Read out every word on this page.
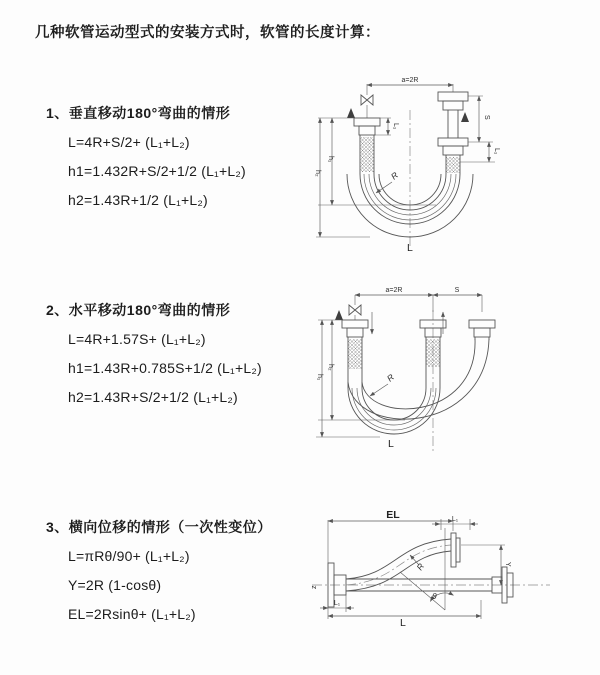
几种软管运动型式的安装方式时，软管的长度计算：
1、垂直移动180°弯曲的情形
L=4R+S/2+ (L₁+L₂)
h1=1.432R+S/2+1/2 (L₁+L₂)
h2=1.43R+1/2 (L₁+L₂)
2、水平移动180°弯曲的情形
L=4R+1.57S+ (L₁+L₂)
h1=1.43R+0.785S+1/2 (L₁+L₂)
h2=1.43R+S/2+1/2 (L₁+L₂)
3、横向位移的情形（一次性变位）
L=πRθ/90+ (L₁+L₂)
Y=2R (1-cosθ)
EL=2Rsinθ+ (L₁+L₂)
a=2R
L₁
S
L₁
h₁
h₂	R
L
a=2R	S
h₂
h₁	R
L
z
θ
EL	L₁
L₁
L
Y
R
